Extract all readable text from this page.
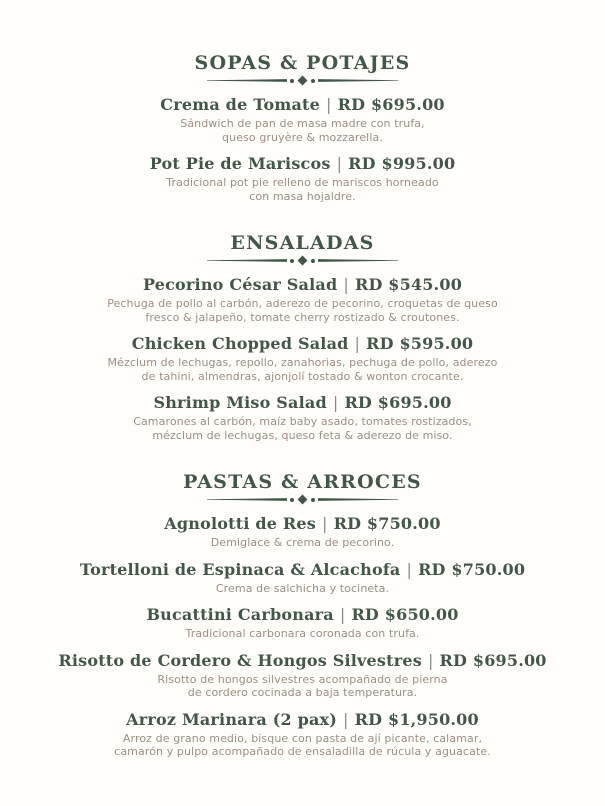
SOPAS & POTAJES
Crema de Tomate | RD $695.00

Sándwich de pan de masa madre con trufa,
queso gruyère & mozzarella.

Pot Pie de Mariscos | RD $995.00

Tradicional pot pie relleno de mariscos horneado
con masa hojaldre.

ENSALADAS
Pecorino César Salad | RD $545.00

Pechuga de pollo al carbón, aderezo de pecorino, croquetas de queso
fresco & jalapeño, tomate cherry rostizado & croutones.

Chicken Chopped Salad | RD $595.00

Mézclum de lechugas, repollo, zanahorias, pechuga de pollo, aderezo
de tahini, almendras, ajonjolí tostado & wonton crocante.

Shrimp Miso Salad | RD $695.00

Camarones al carbón, maíz baby asado, tomates rostizados,
mézclum de lechugas, queso feta & aderezo de miso.

PASTAS & ARROCES
Agnolotti de Res | RD $750.00

Demiglace & crema de pecorino.

Tortelloni de Espinaca & Alcachofa | RD $750.00

Crema de salchicha y tocineta.

Bucattini Carbonara | RD $650.00

Tradicional carbonara coronada con trufa.

Risotto de Cordero & Hongos Silvestres | RD $695.00

Risotto de hongos silvestres acompañado de pierna
de cordero cocinada a baja temperatura.

Arroz Marinara (2 pax) | RD $1,950.00

Arroz de grano medio, bisque con pasta de ají picante, calamar,
camarón y pulpo acompañado de ensaladilla de rúcula y aguacate.
